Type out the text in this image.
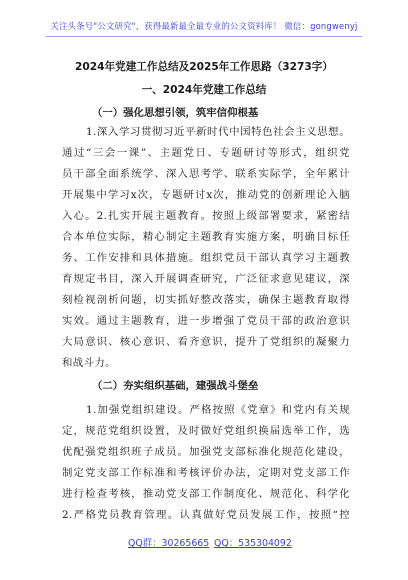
关注头条号"公文研究"，获得最新最全最专业的公文资料库！ 微信：gongwenyj
2024年党建工作总结及2025年工作思路（3273字）
一、2024年党建工作总结
（一）强化思想引领，筑牢信仰根基
1.深入学习贯彻习近平新时代中国特色社会主义思想。
通过“三会一课”、主题党日、专题研讨等形式，组织党
员干部全面系统学、深入思考学、联系实际学，全年累计
开展集中学习x次，专题研讨x次，推动党的创新理论入脑
入心。2.扎实开展主题教育。按照上级部署要求，紧密结
合本单位实际，精心制定主题教育实施方案，明确目标任
务、工作安排和具体措施。组织党员干部认真学习主题教
育规定书目，深入开展调查研究，广泛征求意见建议，深
刻检视剖析问题，切实抓好整改落实，确保主题教育取得
实效。通过主题教育，进一步增强了党员干部的政治意识
大局意识、核心意识、看齐意识，提升了党组织的凝聚力
和战斗力。
（二）夯实组织基础，建强战斗堡垒
1.加强党组织建设。严格按照《党章》和党内有关规
定，规范党组织设置，及时做好党组织换届选举工作，选
优配强党组织班子成员。加强党支部标准化规范化建设，
制定党支部工作标准和考核评价办法，定期对党支部工作
进行检查考核，推动党支部工作制度化、规范化、科学化
2.严格党员教育管理。认真做好党员发展工作，按照“控
QQ群：30265665 QQ：535304092
